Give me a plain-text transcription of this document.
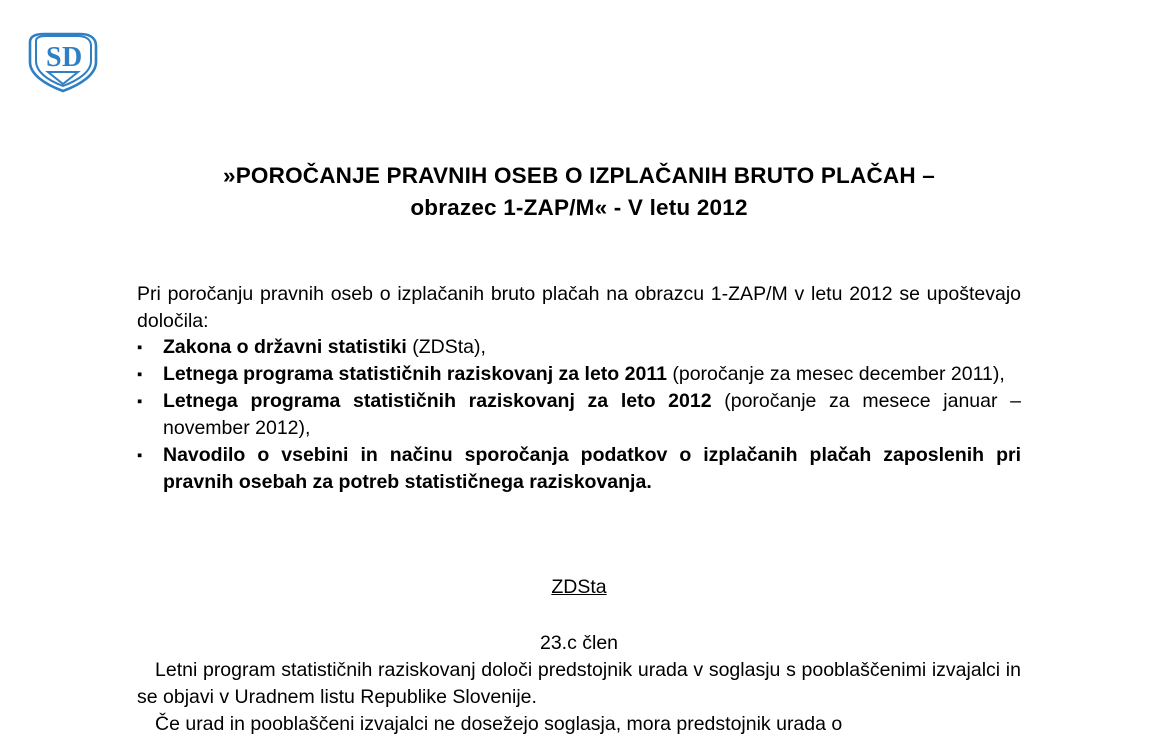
S D
»POROČANJE PRAVNIH OSEB O IZPLAČANIH BRUTO PLAČAH –
obrazec 1-ZAP/M« - V letu 2012
Pri poročanju pravnih oseb o izplačanih bruto plačah na obrazcu 1-ZAP/M v letu 2012 se upoštevajo določila:
▪	Zakona o državni statistiki (ZDSta),
▪	Letnega programa statističnih raziskovanj za leto 2011 (poročanje za mesec december 2011),
▪	Letnega programa statističnih raziskovanj za leto 2012 (poročanje za mesece januar – november 2012),
▪	Navodilo o vsebini in načinu sporočanja podatkov o izplačanih plačah zaposlenih pri pravnih osebah za potreb statističnega raziskovanja.
ZDSta
23.c člen

Letni program statističnih raziskovanj določi predstojnik urada v soglasju s pooblaščenimi izvajalci in se objavi v Uradnem listu Republike Slovenije.

Če urad in pooblaščeni izvajalci ne dosežejo soglasja, mora predstojnik urada o
